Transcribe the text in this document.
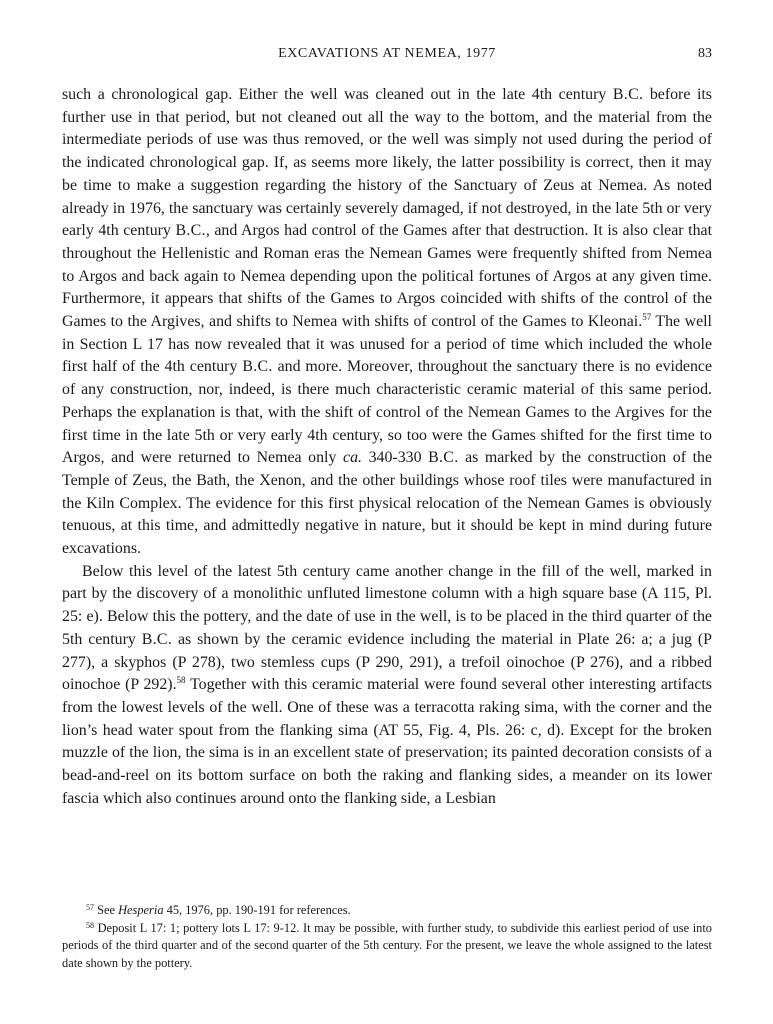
EXCAVATIONS AT NEMEA, 1977	83

such a chronological gap. Either the well was cleaned out in the late 4th century B.C. before its further use in that period, but not cleaned out all the way to the bottom, and the material from the intermediate periods of use was thus removed, or the well was simply not used during the period of the indicated chronological gap. If, as seems more likely, the latter possibility is correct, then it may be time to make a suggestion regarding the history of the Sanctuary of Zeus at Nemea. As noted already in 1976, the sanctuary was certainly severely damaged, if not destroyed, in the late 5th or very early 4th century B.C., and Argos had control of the Games after that destruction. It is also clear that throughout the Hellenistic and Roman eras the Nemean Games were frequently shifted from Nemea to Argos and back again to Nemea depending upon the political fortunes of Argos at any given time. Furthermore, it appears that shifts of the Games to Argos coincided with shifts of the control of the Games to the Argives, and shifts to Nemea with shifts of control of the Games to Kleonai.$^{57}$ The well in Section L 17 has now revealed that it was unused for a period of time which included the whole first half of the 4th century B.C. and more. Moreover, throughout the sanctuary there is no evidence of any construction, nor, indeed, is there much characteristic ceramic material of this same period. Perhaps the explanation is that, with the shift of control of the Nemean Games to the Argives for the first time in the late 5th or very early 4th century, so too were the Games shifted for the first time to Argos, and were returned to Nemea only ca. 340-330 B.C. as marked by the construction of the Temple of Zeus, the Bath, the Xenon, and the other buildings whose roof tiles were manufactured in the Kiln Complex. The evidence for this first physical relocation of the Nemean Games is obviously tenuous, at this time, and admittedly negative in nature, but it should be kept in mind during future excavations.

Below this level of the latest 5th century came another change in the fill of the well, marked in part by the discovery of a monolithic unfluted limestone column with a high square base (A 115, Pl. 25: e). Below this the pottery, and the date of use in the well, is to be placed in the third quarter of the 5th century B.C. as shown by the ceramic evidence including the material in Plate 26: a; a jug (P 277), a skyphos (P 278), two stemless cups (P 290, 291), a trefoil oinochoe (P 276), and a ribbed oinochoe (P 292).$^{58}$ Together with this ceramic material were found several other interesting artifacts from the lowest levels of the well. One of these was a terracotta raking sima, with the corner and the lion’s head water spout from the flanking sima (AT 55, Fig. 4, Pls. 26: c, d). Except for the broken muzzle of the lion, the sima is in an excellent state of preservation; its painted decoration consists of a bead-and-reel on its bottom surface on both the raking and flanking sides, a meander on its lower fascia which also continues around onto the flanking side, a Lesbian

$^{57}$ See Hesperia 45, 1976, pp. 190-191 for references.

$^{58}$ Deposit L 17: 1; pottery lots L 17: 9-12. It may be possible, with further study, to subdivide this earliest period of use into periods of the third quarter and of the second quarter of the 5th century. For the present, we leave the whole assigned to the latest date shown by the pottery.
